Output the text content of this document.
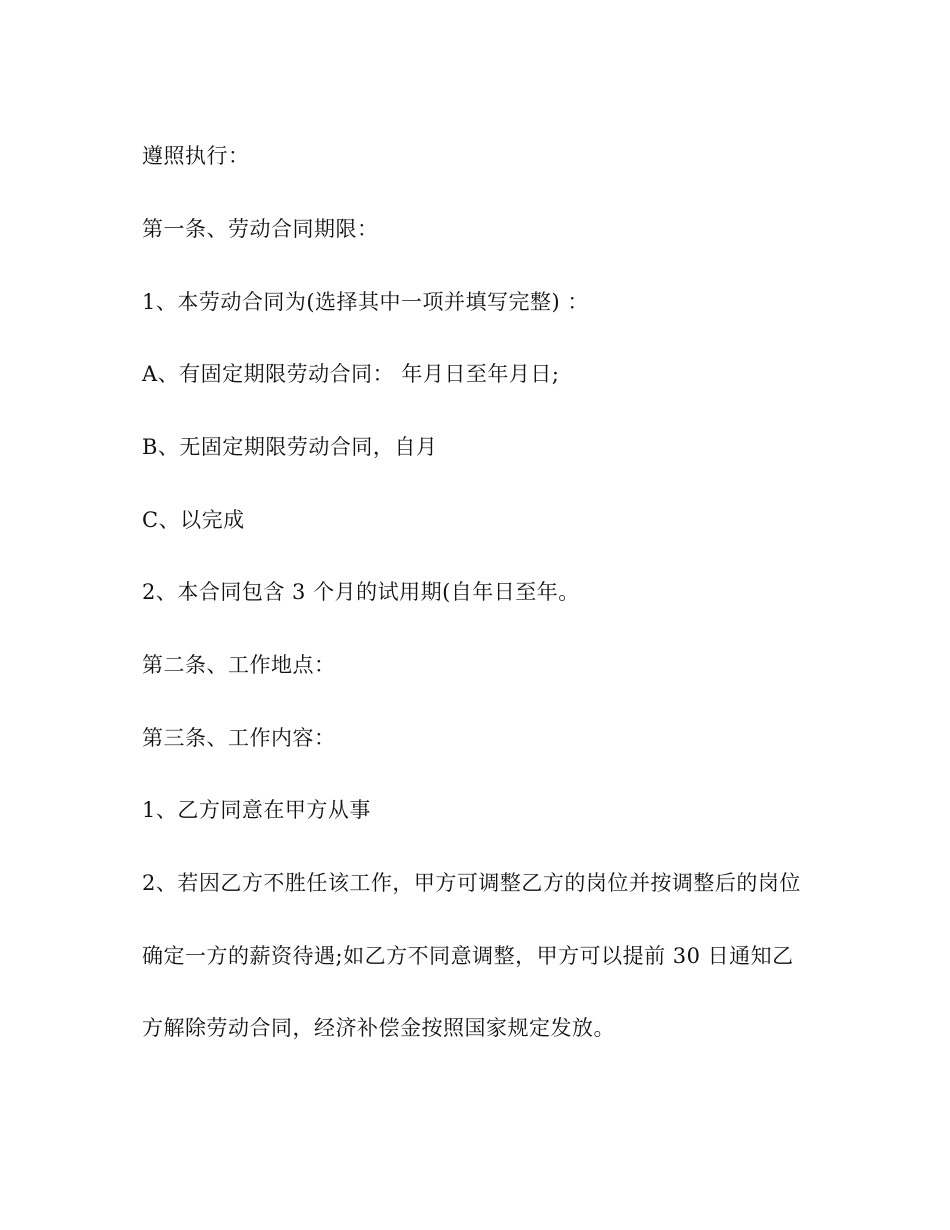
遵照执行：

第一条、劳动合同期限：

1、本劳动合同为(选择其中一项并填写完整) ：

A、有固定期限劳动合同： 年月日至年月日;

B、无固定期限劳动合同，自月

C、以完成

2、本合同包含 3 个月的试用期(自年日至年。

第二条、工作地点：

第三条、工作内容：

1、乙方同意在甲方从事

2、若因乙方不胜任该工作，甲方可调整乙方的岗位并按调整后的岗位

确定一方的薪资待遇;如乙方不同意调整，甲方可以提前 30 日通知乙

方解除劳动合同，经济补偿金按照国家规定发放。
